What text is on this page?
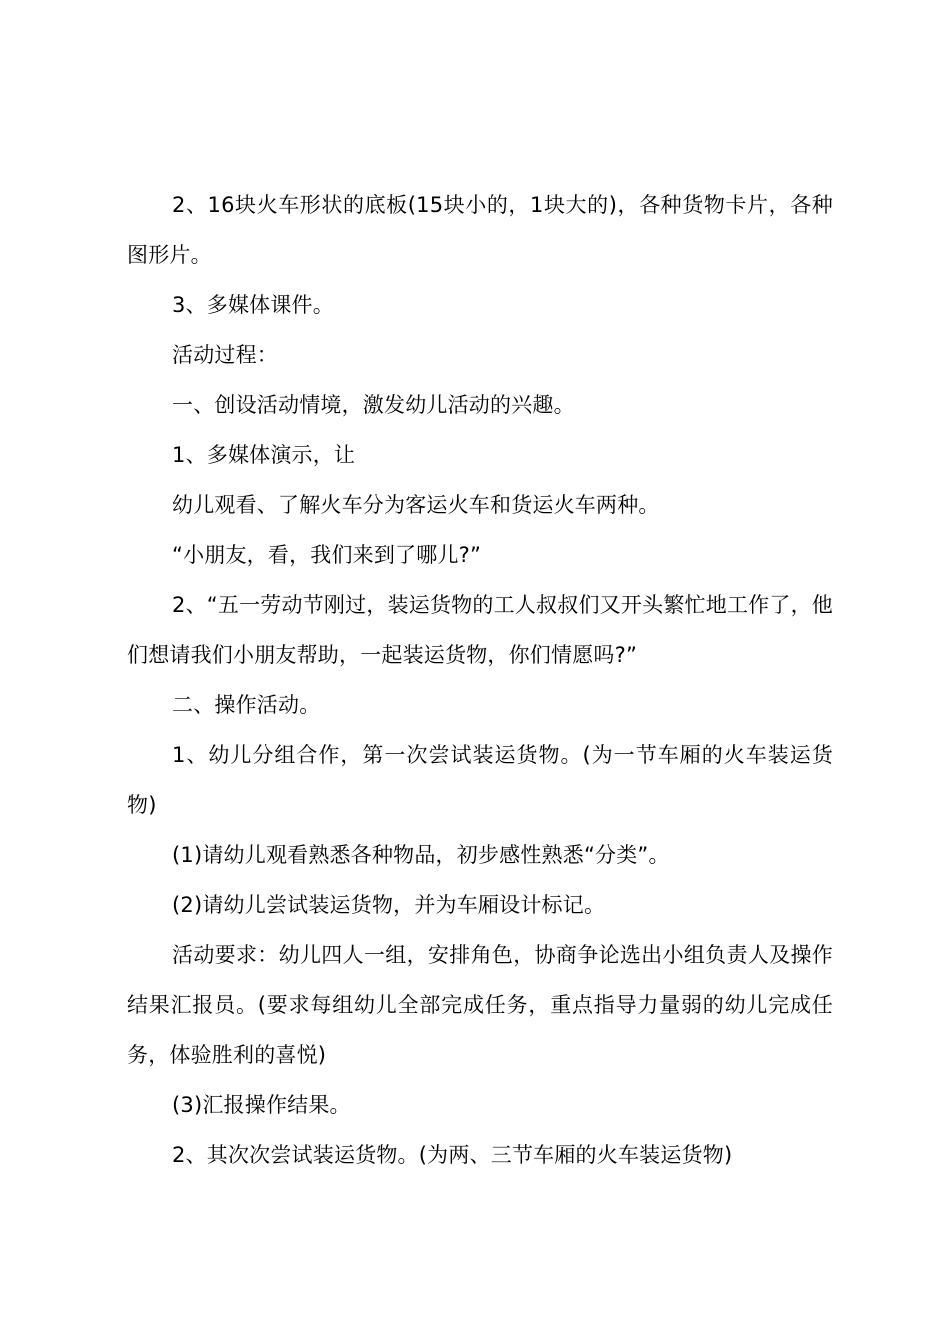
2、16块火车形状的底板(15块小的，1块大的)，各种货物卡片，各种图形片。

3、多媒体课件。

活动过程：

一、创设活动情境，激发幼儿活动的兴趣。

1、多媒体演示，让

幼儿观看、了解火车分为客运火车和货运火车两种。

“小朋友，看，我们来到了哪儿?”

2、“五一劳动节刚过，装运货物的工人叔叔们又开头繁忙地工作了，他们想请我们小朋友帮助，一起装运货物，你们情愿吗?”

二、操作活动。

1、幼儿分组合作，第一次尝试装运货物。(为一节车厢的火车装运货物)

(1)请幼儿观看熟悉各种物品，初步感性熟悉“分类”。

(2)请幼儿尝试装运货物，并为车厢设计标记。

活动要求：幼儿四人一组，安排角色，协商争论选出小组负责人及操作结果汇报员。(要求每组幼儿全部完成任务，重点指导力量弱的幼儿完成任务，体验胜利的喜悦)

(3)汇报操作结果。

2、其次次尝试装运货物。(为两、三节车厢的火车装运货物)
